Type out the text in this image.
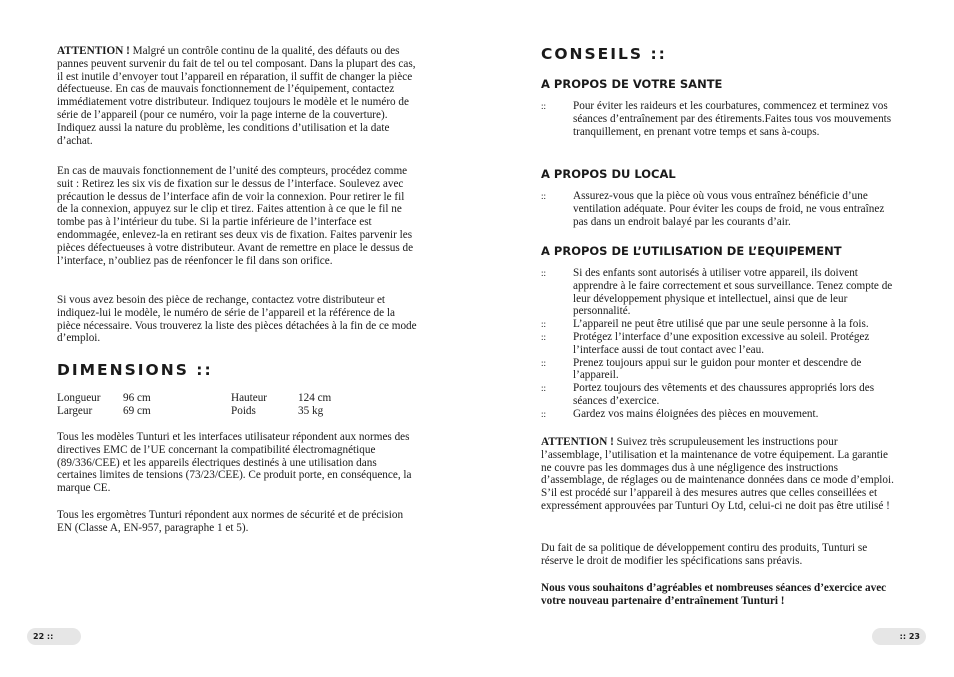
ATTENTION ! Malgré un contrôle continu de la qualité, des défauts ou des pannes peuvent survenir du fait de tel ou tel composant. Dans la plupart des cas, il est inutile d’envoyer tout l’appareil en réparation, il suffit de changer la pièce défectueuse. En cas de mauvais fonctionnement de l’équipement, contactez immédiatement votre distributeur. Indiquez toujours le modèle et le numéro de série de l’appareil (pour ce numéro, voir la page interne de la couverture). Indiquez aussi la nature du problème, les conditions d’utilisation et la date d’achat.

En cas de mauvais fonctionnement de l’unité des compteurs, procédez comme suit : Retirez les six vis de fixation sur le dessus de l’interface. Soulevez avec précaution le dessus de l’interface afin de voir la connexion. Pour retirer le fil de la connexion, appuyez sur le clip et tirez. Faites attention à ce que le fil ne tombe pas à l’intérieur du tube. Si la partie inférieure de l’interface est endommagée, enlevez-la en retirant ses deux vis de fixation. Faites parvenir les pièces défectueuses à votre distributeur. Avant de remettre en place le dessus de l’interface, n’oubliez pas de réenfoncer le fil dans son orifice.

Si vous avez besoin des pièce de rechange, contactez votre distributeur et indiquez-lui le modèle, le numéro de série de l’appareil et la référence de la pièce nécessaire. Vous trouverez la liste des pièces détachées à la fin de ce mode d’emploi.

DIMENSIONS ::
Longueur	96 cm	Hauteur	124 cm
Largeur	69 cm	Poids	35 kg

Tous les modèles Tunturi et les interfaces utilisateur répondent aux normes des directives EMC de l’UE concernant la compatibilité électromagnétique (89/336/CEE) et les appareils électriques destinés à une utilisation dans certaines limites de tensions (73/23/CEE). Ce produit porte, en conséquence, la marque CE.

Tous les ergomètres Tunturi répondent aux normes de sécurité et de précision EN (Classe A, EN-957, paragraphe 1 et 5).

22 ::
CONSEILS ::
A PROPOS DE VOTRE SANTE
::	Pour éviter les raideurs et les courbatures, commencez et terminez vos séances d’entraînement par des étirements.Faites tous vos mouvements tranquillement, en prenant votre temps et sans à-coups.
A PROPOS DU LOCAL
::	Assurez-vous que la pièce où vous vous entraînez bénéficie d’une ventilation adéquate. Pour éviter les coups de froid, ne vous entraînez pas dans un endroit balayé par les courants d’air.
A PROPOS DE L’UTILISATION DE L’EQUIPEMENT
::	Si des enfants sont autorisés à utiliser votre appareil, ils doivent apprendre à le faire correctement et sous surveillance. Tenez compte de leur développement physique et intellectuel, ainsi que de leur personnalité.
::	L’appareil ne peut être utilisé que par une seule personne à la fois.
::	Protégez l’interface d’une exposition excessive au soleil. Protégez l’interface aussi de tout contact avec l’eau.
::	Prenez toujours appui sur le guidon pour monter et descendre de l’appareil.
::	Portez toujours des vêtements et des chaussures appropriés lors des séances d’exercice.
::	Gardez vos mains éloignées des pièces en mouvement.

ATTENTION ! Suivez très scrupuleusement les instructions pour l’assemblage, l’utilisation et la maintenance de votre équipement. La garantie ne couvre pas les dommages dus à une négligence des instructions d’assemblage, de réglages ou de maintenance données dans ce mode d’emploi. S’il est procédé sur l’appareil à des mesures autres que celles conseillées et expressément approuvées par Tunturi Oy Ltd, celui-ci ne doit pas être utilisé !

Du fait de sa politique de développement contiru des produits, Tunturi se réserve le droit de modifier les spécifications sans préavis.

Nous vous souhaitons d’agréables et nombreuses séances d’exercice avec votre nouveau partenaire d’entraînement Tunturi !

:: 23
